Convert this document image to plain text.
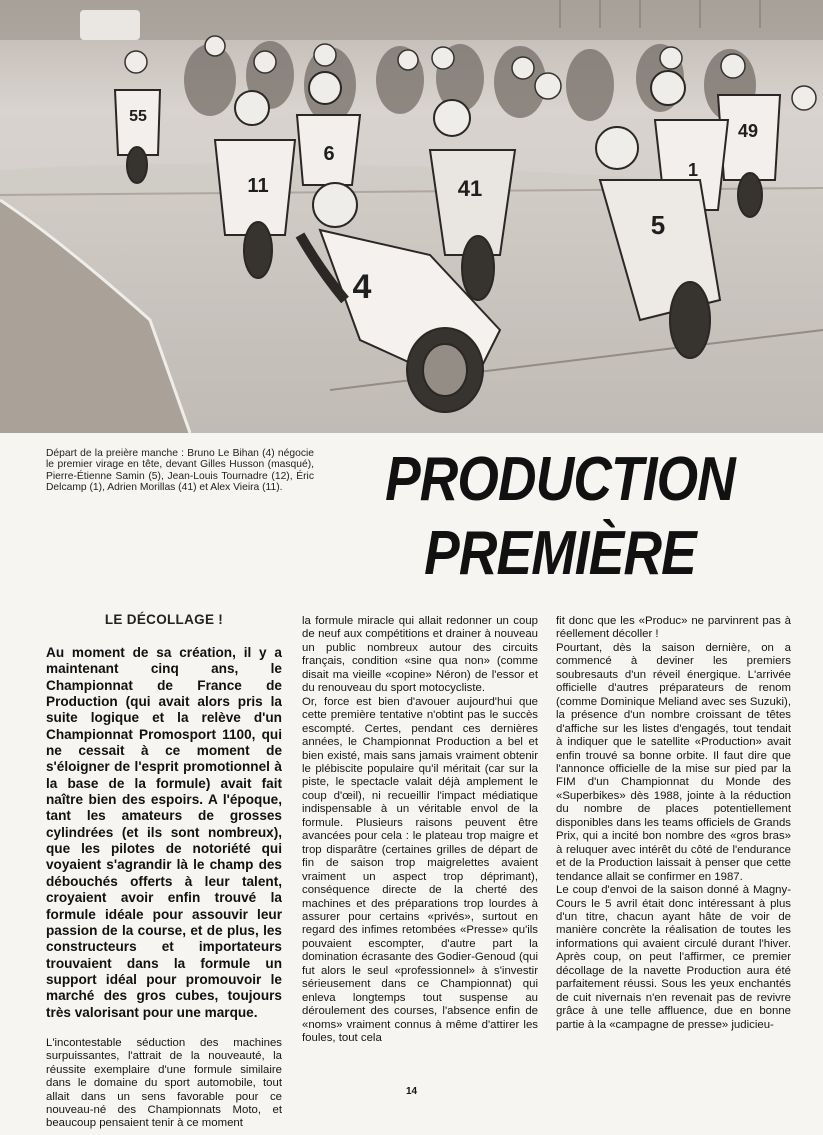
55
6
11	41
49
1
5
4
Départ de la preière manche : Bruno Le Bihan (4) négocie le premier virage en tête, devant Gilles Husson (masqué), Pierre-Étienne Samin (5), Jean-Louis Tournadre (12), Éric Delcamp (1), Adrien Morillas (41) et Alex Vieira (11).	PRODUCTION
PREMIÈRE
LE DÉCOLLAGE !

Au moment de sa création, il y a maintenant cinq ans, le Championnat de France de Production (qui avait alors pris la suite logique et la relève d'un Championnat Promosport 1100, qui ne cessait à ce moment de s'éloigner de l'esprit promotionnel à la base de la formule) avait fait naître bien des espoirs. A l'époque, tant les amateurs de grosses cylindrées (et ils sont nombreux), que les pilotes de notoriété qui voyaient s'agrandir là le champ des débouchés offerts à leur talent, croyaient avoir enfin trouvé la formule idéale pour assouvir leur passion de la course, et de plus, les constructeurs et importateurs trouvaient dans la formule un support idéal pour promouvoir le marché des gros cubes, toujours très valorisant pour une marque.

L'incontestable séduction des machines surpuissantes, l'attrait de la nouveauté, la réussite exemplaire d'une formule similaire dans le domaine du sport automobile, tout allait dans un sens favorable pour ce nouveau-né des Championnats Moto, et beaucoup pensaient tenir à ce moment

la formule miracle qui allait redonner un coup de neuf aux compétitions et drainer à nouveau un public nombreux autour des circuits français, condition «sine qua non» (comme disait ma vieille «copine» Néron) de l'essor et du renouveau du sport motocycliste.

Or, force est bien d'avouer aujourd'hui que cette première tentative n'obtint pas le succès escompté. Certes, pendant ces dernières années, le Championnat Production a bel et bien existé, mais sans jamais vraiment obtenir le plébiscite populaire qu'il méritait (car sur la piste, le spectacle valait déjà amplement le coup d'œil), ni recueillir l'impact médiatique indispensable à un véritable envol de la formule. Plusieurs raisons peuvent être avancées pour cela : le plateau trop maigre et trop disparâtre (certaines grilles de départ de fin de saison trop maigrelettes avaient vraiment un aspect trop déprimant), conséquence directe de la cherté des machines et des préparations trop lourdes à assurer pour certains «privés», surtout en regard des infimes retombées «Presse» qu'ils pouvaient escompter, d'autre part la domination écrasante des Godier-Genoud (qui fut alors le seul «professionnel» à s'investir sérieusement dans ce Championnat) qui enleva longtemps tout suspense au déroulement des courses, l'absence enfin de «noms» vraiment connus à même d'attirer les foules, tout cela

fit donc que les «Produc» ne parvinrent pas à réellement décoller !

Pourtant, dès la saison dernière, on a commencé à deviner les premiers soubresauts d'un réveil énergique. L'arrivée officielle d'autres préparateurs de renom (comme Dominique Meliand avec ses Suzuki), la présence d'un nombre croissant de têtes d'affiche sur les listes d'engagés, tout tendait à indiquer que le satellite «Production» avait enfin trouvé sa bonne orbite. Il faut dire que l'annonce officielle de la mise sur pied par la FIM d'un Championnat du Monde des «Superbikes» dès 1988, jointe à la réduction du nombre de places potentiellement disponibles dans les teams officiels de Grands Prix, qui a incité bon nombre des «gros bras» à reluquer avec intérêt du côté de l'endurance et de la Production laissait à penser que cette tendance allait se confirmer en 1987.

Le coup d'envoi de la saison donné à Magny-Cours le 5 avril était donc intéressant à plus d'un titre, chacun ayant hâte de voir de manière concrète la réalisation de toutes les informations qui avaient circulé durant l'hiver. Après coup, on peut l'affirmer, ce premier décollage de la navette Production aura été parfaitement réussi. Sous les yeux enchantés de cuit nivernais n'en revenait pas de revivre grâce à une telle affluence, due en bonne partie à la «campagne de presse» judicieu-

14
